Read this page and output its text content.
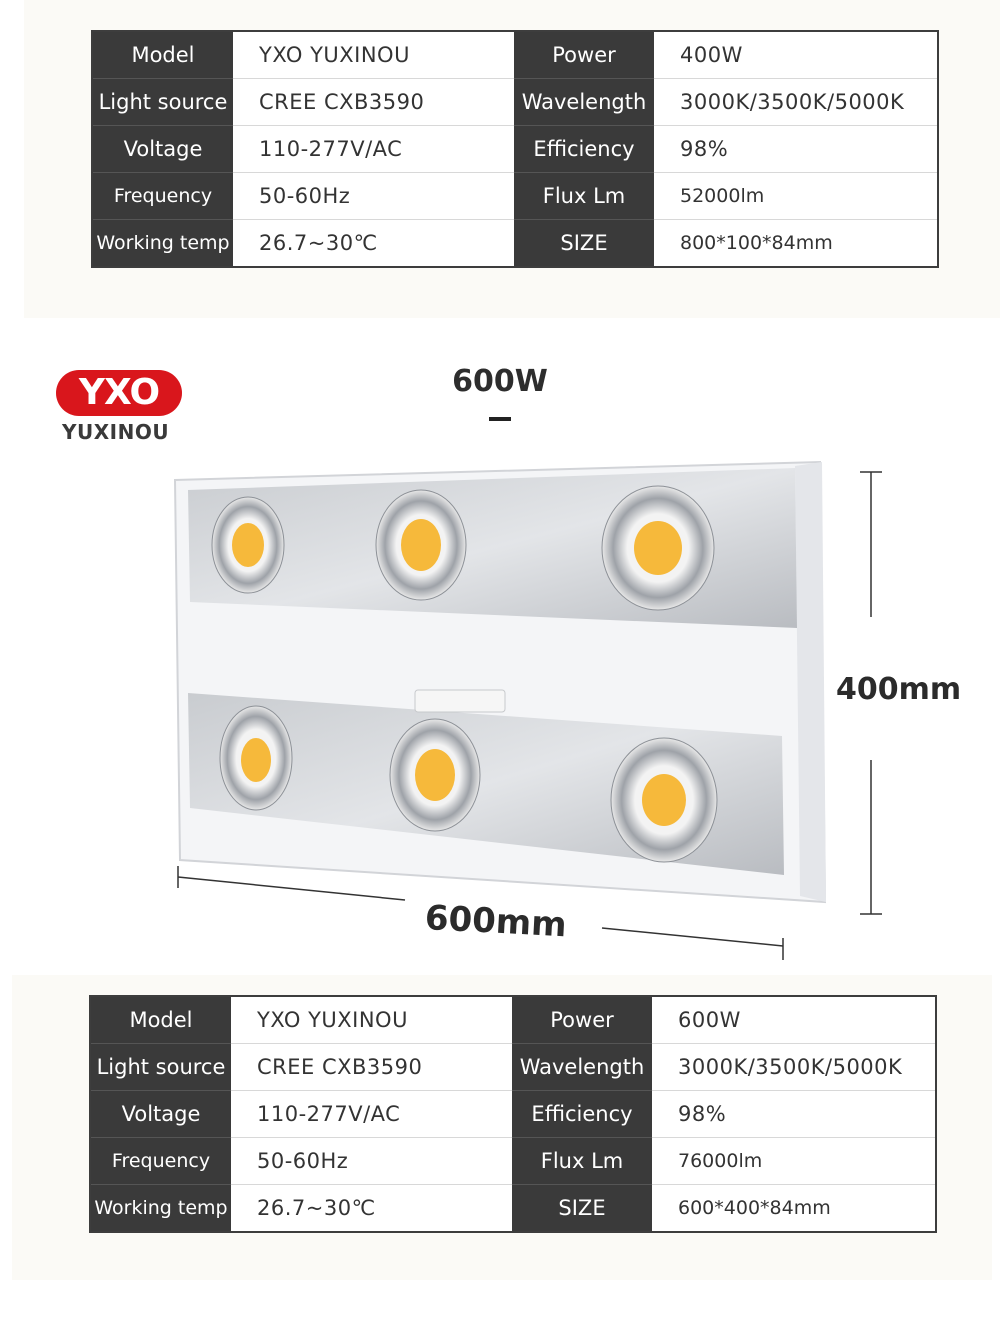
Model	YXO YUXINOU	Power	400W
Light source	CREE CXB3590	Wavelength	3000K/3500K/5000K
Voltage	110-277V/AC	Efficiency	98%
Frequency	50-60Hz	Flux Lm	52000lm
Working temp	26.7~30℃	SIZE	800*100*84mm
YXO
YUXINOU
600W
400mm
600mm
Model	YXO YUXINOU	Power	600W
Light source	CREE CXB3590	Wavelength	3000K/3500K/5000K
Voltage	110-277V/AC	Efficiency	98%
Frequency	50-60Hz	Flux Lm	76000lm
Working temp	26.7~30℃	SIZE	600*400*84mm
